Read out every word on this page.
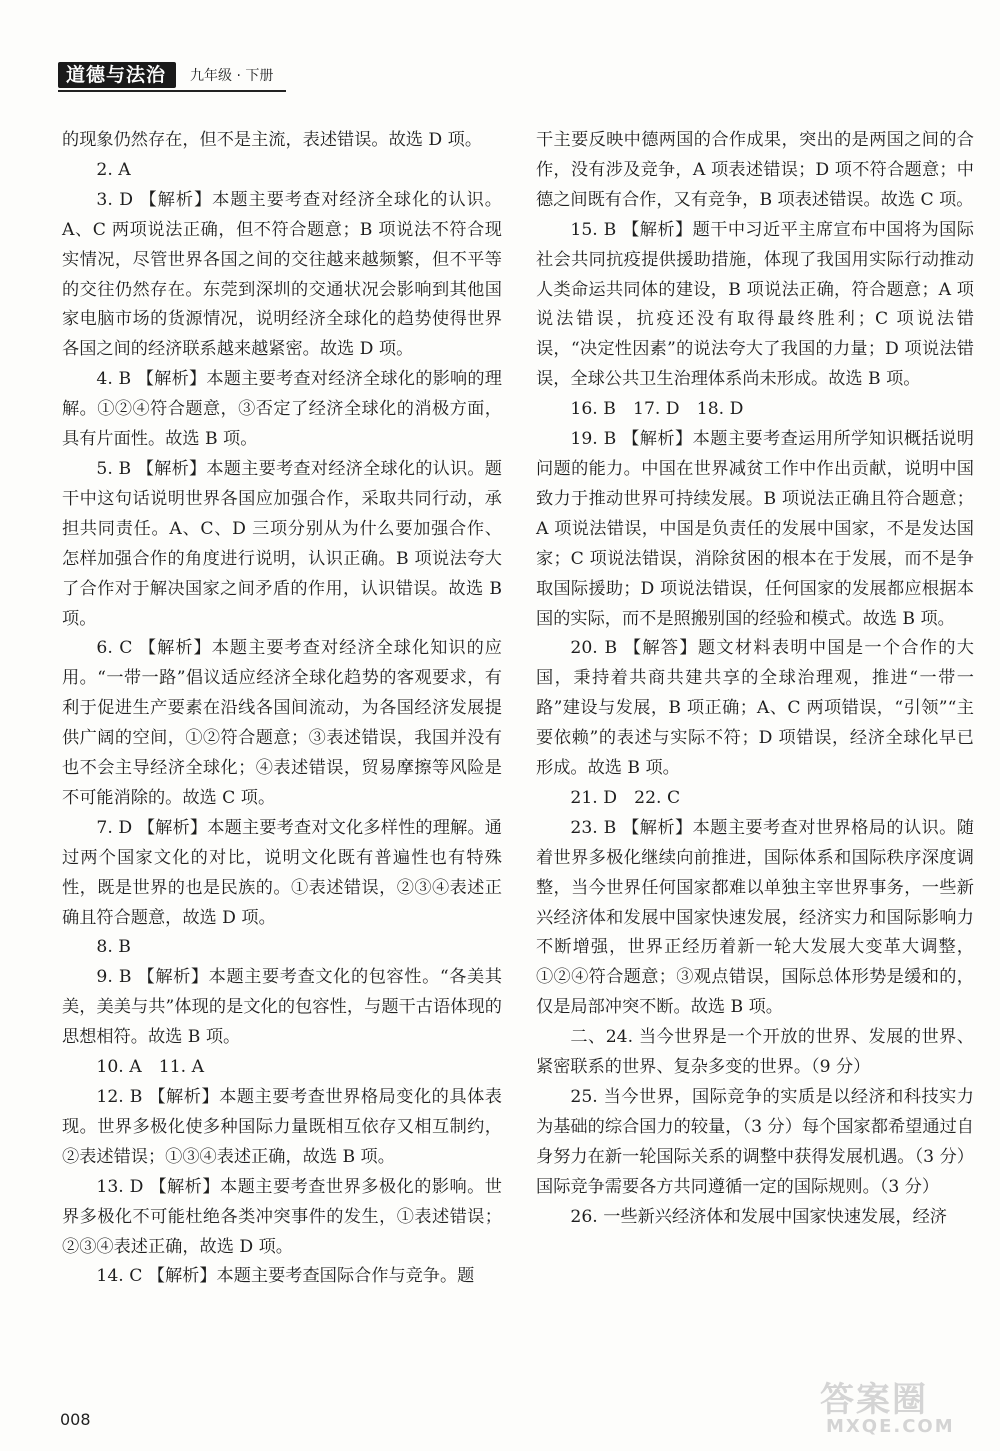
道德与法治	九年级 · 下册

的现象仍然存在，但不是主流，表述错误。故选 D 项。

2. A

3. D 【解析】本题主要考查对经济全球化的认识。A、C 两项说法正确，但不符合题意；B 项说法不符合现实情况，尽管世界各国之间的交往越来越频繁，但不平等的交往仍然存在。东莞到深圳的交通状况会影响到其他国家电脑市场的货源情况，说明经济全球化的趋势使得世界各国之间的经济联系越来越紧密。故选 D 项。

4. B 【解析】本题主要考查对经济全球化的影响的理解。①②④符合题意，③否定了经济全球化的消极方面，具有片面性。故选 B 项。

5. B 【解析】本题主要考查对经济全球化的认识。题干中这句话说明世界各国应加强合作，采取共同行动，承担共同责任。A、C、D 三项分别从为什么要加强合作、怎样加强合作的角度进行说明，认识正确。B 项说法夸大了合作对于解决国家之间矛盾的作用，认识错误。故选 B 项。

6. C 【解析】本题主要考查对经济全球化知识的应用。“一带一路”倡议适应经济全球化趋势的客观要求，有利于促进生产要素在沿线各国间流动，为各国经济发展提供广阔的空间，①②符合题意；③表述错误，我国并没有也不会主导经济全球化；④表述错误，贸易摩擦等风险是不可能消除的。故选 C 项。

7. D 【解析】本题主要考查对文化多样性的理解。通过两个国家文化的对比，说明文化既有普遍性也有特殊性，既是世界的也是民族的。①表述错误，②③④表述正确且符合题意，故选 D 项。

8. B

9. B 【解析】本题主要考查文化的包容性。“各美其美，美美与共”体现的是文化的包容性，与题干古语体现的思想相符。故选 B 项。

10. A　11. A

12. B 【解析】本题主要考查世界格局变化的具体表现。世界多极化使多种国际力量既相互依存又相互制约，②表述错误；①③④表述正确，故选 B 项。

13. D 【解析】本题主要考查世界多极化的影响。世界多极化不可能杜绝各类冲突事件的发生，①表述错误；②③④表述正确，故选 D 项。

14. C 【解析】本题主要考查国际合作与竞争。题

干主要反映中德两国的合作成果，突出的是两国之间的合作，没有涉及竞争，A 项表述错误；D 项不符合题意；中德之间既有合作，又有竞争，B 项表述错误。故选 C 项。

15. B 【解析】题干中习近平主席宣布中国将为国际社会共同抗疫提供援助措施，体现了我国用实际行动推动人类命运共同体的建设，B 项说法正确，符合题意；A 项说法错误，抗疫还没有取得最终胜利；C 项说法错误，“决定性因素”的说法夸大了我国的力量；D 项说法错误，全球公共卫生治理体系尚未形成。故选 B 项。

16. B　17. D　18. D

19. B 【解析】本题主要考查运用所学知识概括说明问题的能力。中国在世界减贫工作中作出贡献，说明中国致力于推动世界可持续发展。B 项说法正确且符合题意；A 项说法错误，中国是负责任的发展中国家，不是发达国家；C 项说法错误，消除贫困的根本在于发展，而不是争取国际援助；D 项说法错误，任何国家的发展都应根据本国的实际，而不是照搬别国的经验和模式。故选 B 项。

20. B 【解答】题文材料表明中国是一个合作的大国，秉持着共商共建共享的全球治理观，推进“一带一路”建设与发展，B 项正确；A、C 两项错误，“引领”“主要依赖”的表述与实际不符；D 项错误，经济全球化早已形成。故选 B 项。

21. D　22. C

23. B 【解析】本题主要考查对世界格局的认识。随着世界多极化继续向前推进，国际体系和国际秩序深度调整，当今世界任何国家都难以单独主宰世界事务，一些新兴经济体和发展中国家快速发展，经济实力和国际影响力不断增强，世界正经历着新一轮大发展大变革大调整，①②④符合题意；③观点错误，国际总体形势是缓和的，仅是局部冲突不断。故选 B 项。

二、24. 当今世界是一个开放的世界、发展的世界、紧密联系的世界、复杂多变的世界。（9 分）

25. 当今世界，国际竞争的实质是以经济和科技实力为基础的综合国力的较量，（3 分）每个国家都希望通过自身努力在新一轮国际关系的调整中获得发展机遇。（3 分）国际竞争需要各方共同遵循一定的国际规则。（3 分）

26. 一些新兴经济体和发展中国家快速发展，经济

008	答案圈
MXQE.COM
